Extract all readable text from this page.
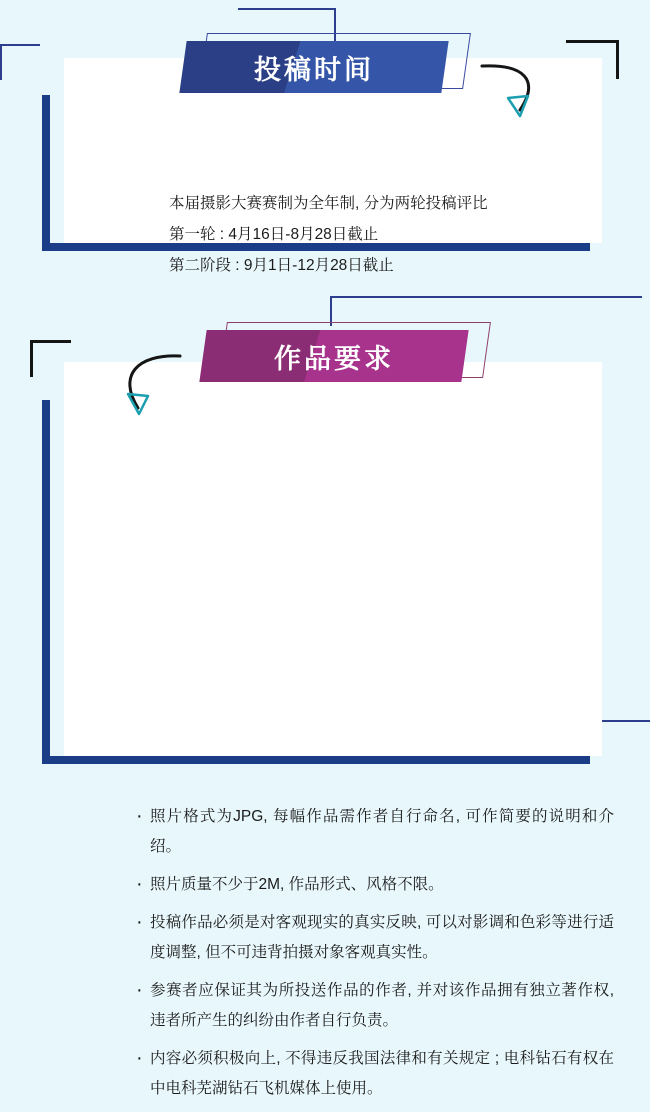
本届摄影大赛赛制为全年制, 分为两轮投稿评比
第一轮 : 4月16日-8月28日截止
第二阶段 : 9月1日-12月28日截止
投稿时间
· 照片格式为JPG, 每幅作品需作者自行命名, 可作简要的说明和介绍。
· 照片质量不少于2M, 作品形式、风格不限。
· 投稿作品必须是对客观现实的真实反映, 可以对影调和色彩等进行适度调整, 但不可违背拍摄对象客观真实性。
· 参赛者应保证其为所投送作品的作者, 并对该作品拥有独立著作权, 违者所产生的纠纷由作者自行负责。
· 内容必须积极向上, 不得违反我国法律和有关规定 ; 电科钻石有权在中电科芜湖钻石飞机媒体上使用。
作品要求
